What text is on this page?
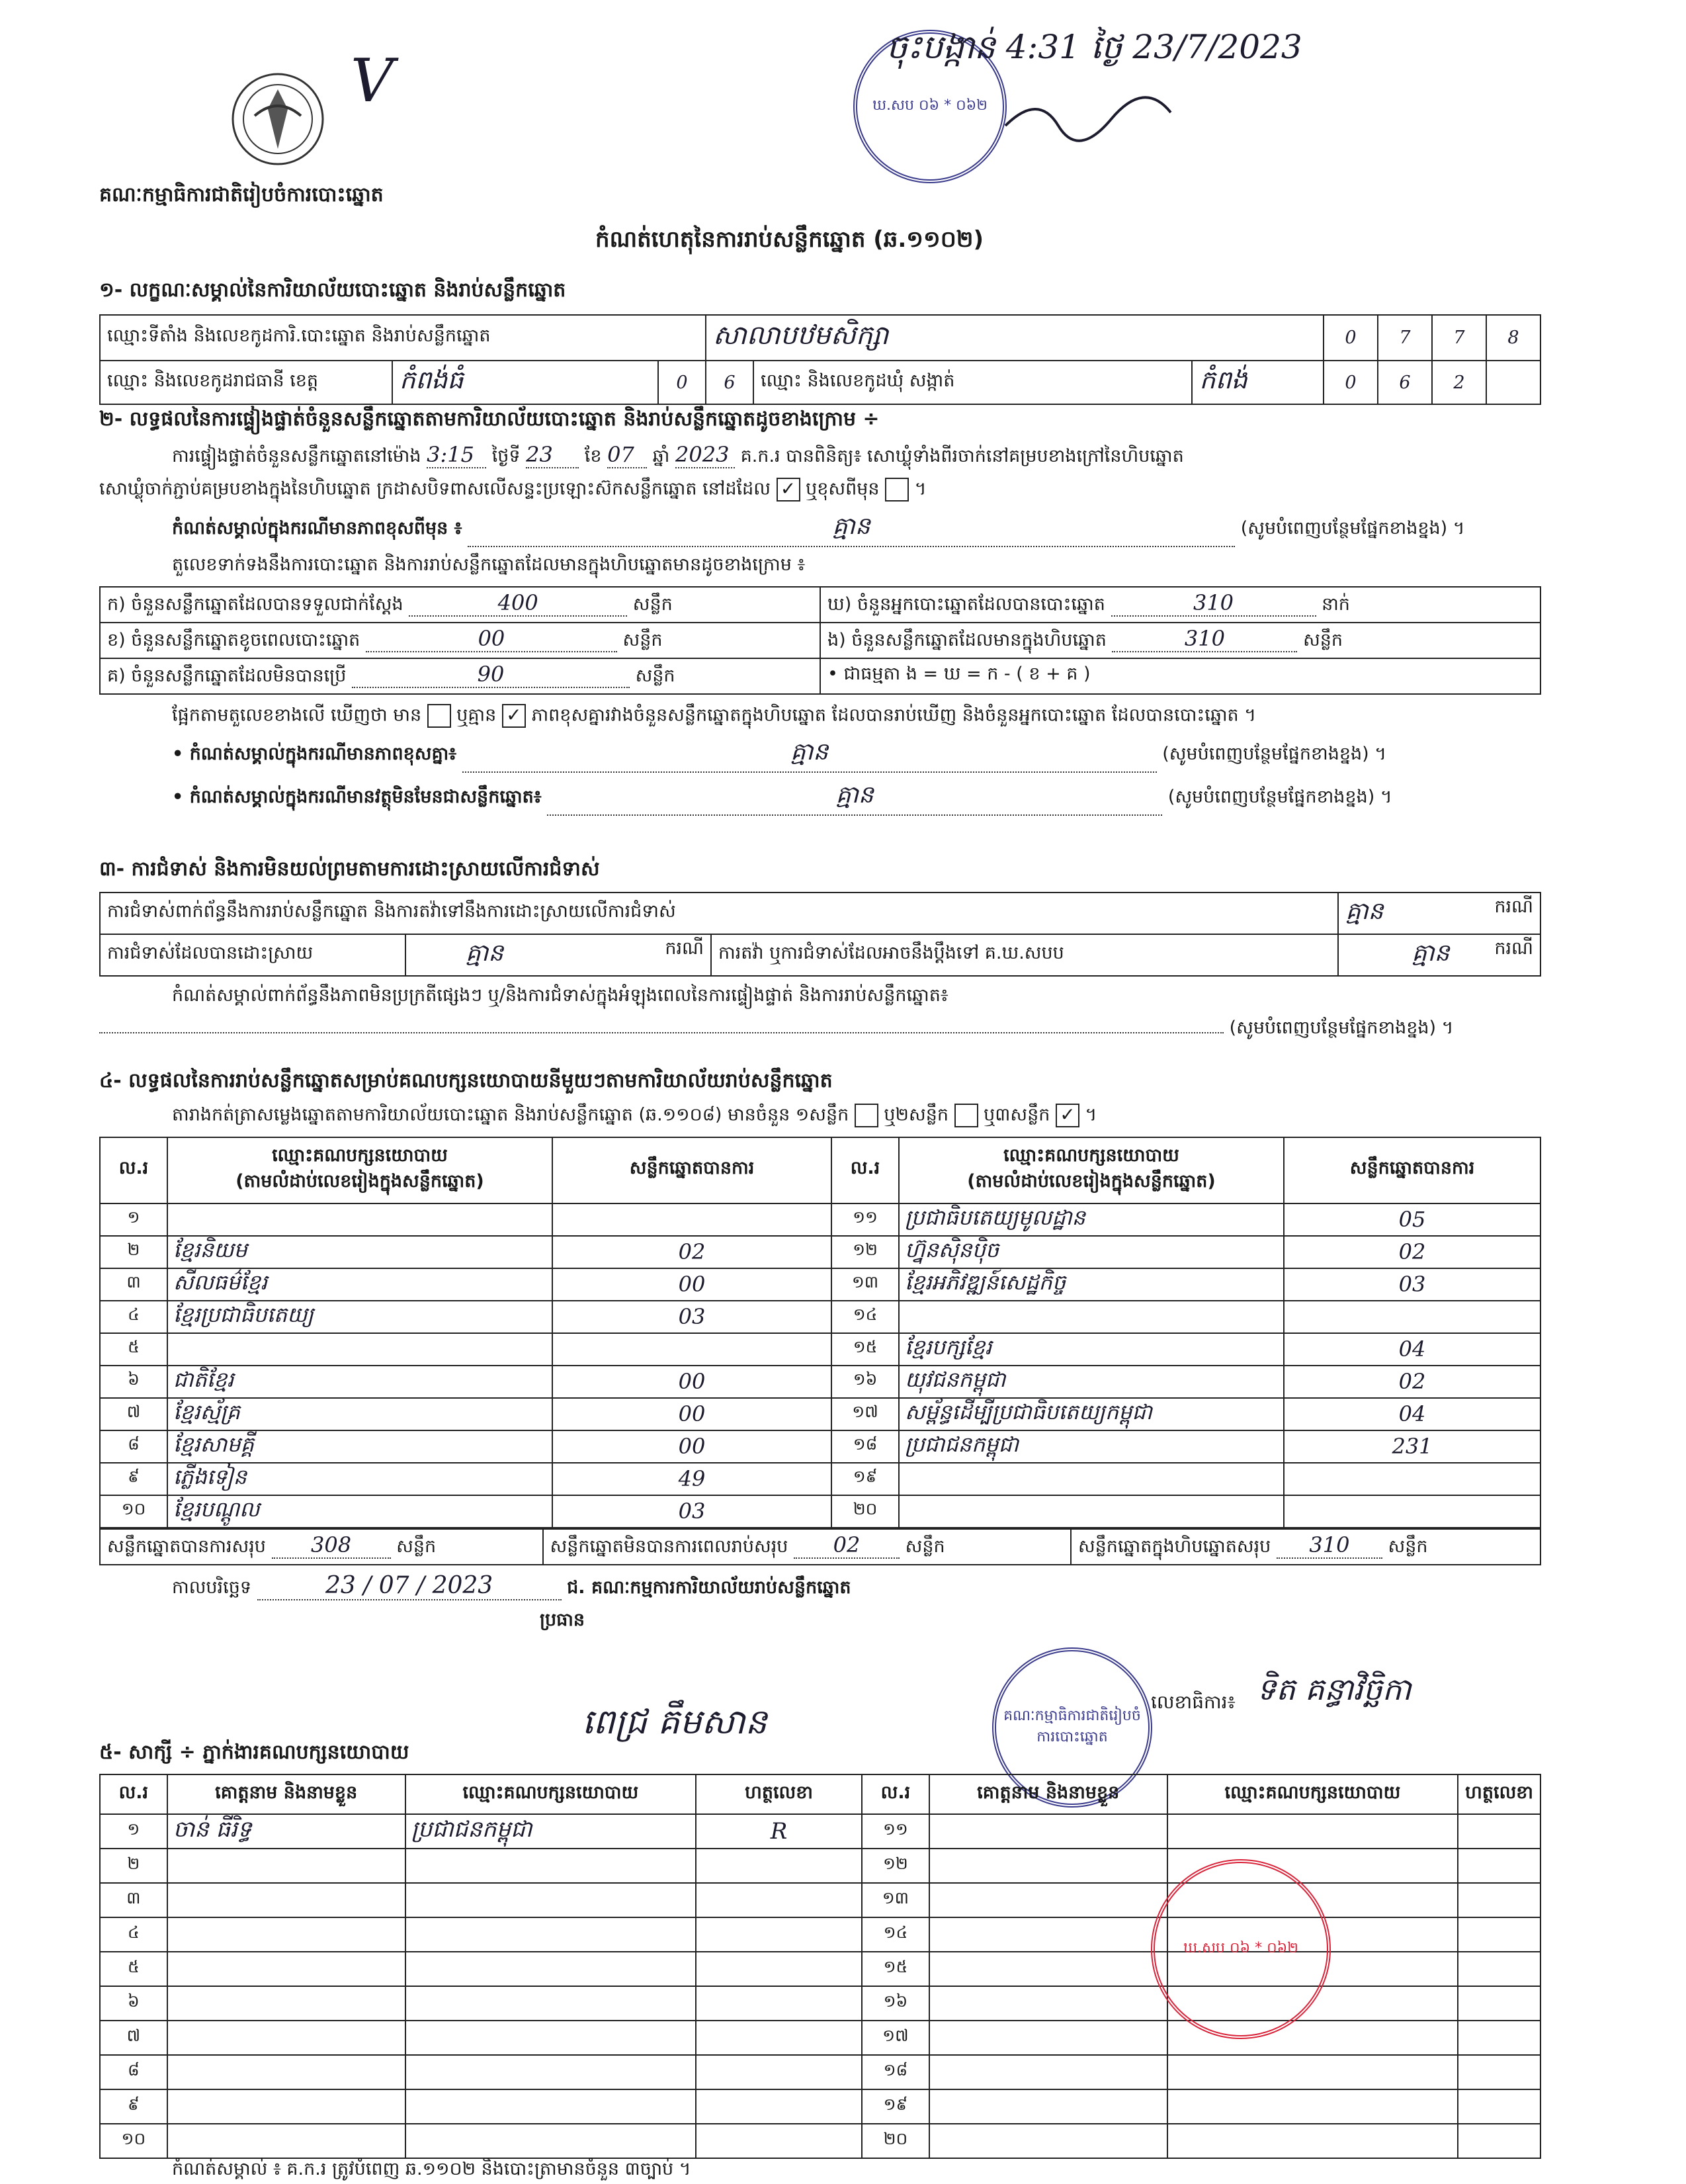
V	ឃ.សប ០៦ * ០៦២
ចុះបង្កាន់ 4:31 ថ្ងៃ 23/7/2023
គណៈកម្មាធិការជាតិរៀបចំការបោះឆ្នោត
កំណត់ហេតុនៃការរាប់សន្លឹកឆ្នោត (ឆ.១១០២)
១- លក្ខណៈសម្គាល់នៃការិយាល័យបោះឆ្នោត និងរាប់សន្លឹកឆ្នោត
ឈ្មោះទីតាំង និងលេខកូដការិ.បោះឆ្នោត និងរាប់សន្លឹកឆ្នោត			សាលាបឋមសិក្សា			0	7	7	8
ឈ្មោះ និងលេខកូដរាជធានី ខេត្ត	កំពង់ធំ	0	6	ឈ្មោះ និងលេខកូដឃុំ សង្កាត់	កំពង់	0	6	2	
២- លទ្ធផលនៃការផ្ទៀងផ្ទាត់ចំនួនសន្លឹកឆ្នោតតាមការិយាល័យបោះឆ្នោត និងរាប់សន្លឹកឆ្នោតដូចខាងក្រោម ÷
ការផ្ទៀងផ្ទាត់ចំនួនសន្លឹកឆ្នោតនៅម៉ោង 3:15 ថ្ងៃទី 23 ខែ 07 ឆ្នាំ 2023 គ.ក.រ បានពិនិត្យ៖ សោឃ្លុំទាំងពីរចាក់នៅគម្របខាងក្រៅនៃហិបឆ្នោត
សោឃ្លុំចាក់ភ្ជាប់គម្របខាងក្នុងនៃហិបឆ្នោត ក្រដាសបិទពាសលើសន្ទះប្រឡោះស៊កសន្លឹកឆ្នោត នៅដដែល ✓ ឬខុសពីមុន ។
កំណត់សម្គាល់ក្នុងករណីមានភាពខុសពីមុន ៖	គ្មាន	(សូមបំពេញបន្ថែមផ្នែកខាងខ្នង) ។
តួលេខទាក់ទងនឹងការបោះឆ្នោត និងការរាប់សន្លឹកឆ្នោតដែលមានក្នុងហិបឆ្នោតមានដូចខាងក្រោម ៖
ក) ចំនួនសន្លឹកឆ្នោតដែលបានទទួលជាក់ស្តែង 400 សន្លឹក	ឃ) ចំនួនអ្នកបោះឆ្នោតដែលបានបោះឆ្នោត 310 នាក់
ខ) ចំនួនសន្លឹកឆ្នោតខូចពេលបោះឆ្នោត 00 សន្លឹក	ង) ចំនួនសន្លឹកឆ្នោតដែលមានក្នុងហិបឆ្នោត 310 សន្លឹក
គ) ចំនួនសន្លឹកឆ្នោតដែលមិនបានប្រើ 90 សន្លឹក	• ជាធម្មតា ង = ឃ = ក - ( ខ + គ )
ផ្អែកតាមតួលេខខាងលើ ឃើញថា មាន ឬគ្មាន ✓ ភាពខុសគ្នារវាងចំនួនសន្លឹកឆ្នោតក្នុងហិបឆ្នោត ដែលបានរាប់ឃើញ និងចំនួនអ្នកបោះឆ្នោត ដែលបានបោះឆ្នោត ។
• កំណត់សម្គាល់ក្នុងករណីមានភាពខុសគ្នា៖	គ្មាន	(សូមបំពេញបន្ថែមផ្នែកខាងខ្នង) ។
• កំណត់សម្គាល់ក្នុងករណីមានវត្ថុមិនមែនជាសន្លឹកឆ្នោត៖	គ្មាន	(សូមបំពេញបន្ថែមផ្នែកខាងខ្នង) ។
៣- ការជំទាស់ និងការមិនយល់ព្រមតាមការដោះស្រាយលើការជំទាស់
ការជំទាស់ពាក់ព័ន្ធនឹងការរាប់សន្លឹកឆ្នោត និងការតវ៉ាទៅនឹងការដោះស្រាយលើការជំទាស់			គ្មាន ករណី

ការជំទាស់ដែលបានដោះស្រាយ	គ្មាន ករណី	ការតវ៉ា ឬការជំទាស់ដែលអាចនឹងប្តឹងទៅ គ.ឃ.សបប	គ្មាន ករណី
កំណត់សម្គាល់ពាក់ព័ន្ធនឹងភាពមិនប្រក្រតីផ្សេងៗ ឬ/និងការជំទាស់ក្នុងអំឡុងពេលនៃការផ្ទៀងផ្ទាត់ និងការរាប់សន្លឹកឆ្នោត៖
(សូមបំពេញបន្ថែមផ្នែកខាងខ្នង) ។
៤- លទ្ធផលនៃការរាប់សន្លឹកឆ្នោតសម្រាប់គណបក្សនយោបាយនីមួយៗតាមការិយាល័យរាប់សន្លឹកឆ្នោត
តារាងកត់ត្រាសម្លេងឆ្នោតតាមការិយាល័យបោះឆ្នោត និងរាប់សន្លឹកឆ្នោត (ឆ.១១០៨) មានចំនួន ១សន្លឹក ឬ២សន្លឹក ឬ៣សន្លឹក ✓ ។
ល.រ	ឈ្មោះគណបក្សនយោបាយ
(តាមលំដាប់លេខរៀងក្នុងសន្លឹកឆ្នោត)	សន្លឹកឆ្នោតបានការ	ល.រ	ឈ្មោះគណបក្សនយោបាយ
(តាមលំដាប់លេខរៀងក្នុងសន្លឹកឆ្នោត)	សន្លឹកឆ្នោតបានការ
១			១១	ប្រជាធិបតេយ្យមូលដ្ឋាន	05
២	ខ្មែរនិយម	02	១២	ហ្វ៊ុនស៊ិនប៉ិច	02
៣	សីលធម៌ខ្មែរ	00	១៣	ខ្មែរអភិវឌ្ឍន៍សេដ្ឋកិច្ច	03
៤	ខ្មែរប្រជាធិបតេយ្យ	03	១៤		
៥			១៥	ខ្មែរបក្សខ្មែរ	04
៦	ជាតិខ្មែរ	00	១៦	យុវជនកម្ពុជា	02
៧	ខ្មែរស្ម័គ្រ	00	១៧	សម្ព័ន្ធដើម្បីប្រជាធិបតេយ្យកម្ពុជា	04
៨	ខ្មែរសាមគ្គី	00	១៨	ប្រជាជនកម្ពុជា	231
៩	ភ្លើងទៀន	49	១៩		
១០	ខ្មែរបណ្តូល	03	២០		
សន្លឹកឆ្នោតបានការសរុប 308	សន្លឹក	សន្លឹកឆ្នោតមិនបានការពេលរាប់សរុប 02	សន្លឹក	សន្លឹកឆ្នោតក្នុងហិបឆ្នោតសរុប 310 សន្លឹក
កាលបរិច្ឆេទ	23 / 07 / 2023	ជ. គណៈកម្មការការិយាល័យរាប់សន្លឹកឆ្នោត
ប្រធាន
ពេជ្រ គឹមសាន	គណៈកម្មាធិការជាតិរៀបចំការបោះឆ្នោត
លេខាធិការ៖ ទិត គន្ធាវិច្ឆិកា
៥- សាក្សី ÷ ភ្នាក់ងារគណបក្សនយោបាយ
ល.រ	គោត្តនាម និងនាមខ្លួន	ឈ្មោះគណបក្សនយោបាយ	ហត្ថលេខា	ល.រ	គោត្តនាម និងនាមខ្លួន	ឈ្មោះគណបក្សនយោបាយ	ហត្ថលេខា
១	ចាន់ ធីរិទ្ធ	ប្រជាជនកម្ពុជា	R	១១			
២				១២			
៣				១៣			
៤				១៤			
៥				១៥			
៦				១៦			
៧				១៧			
៨				១៨			
៩				១៩			
១០				២០			
ឃ.សប ០៦ * ០៦២
កំណត់សម្គាល់ ៖ គ.ក.រ ត្រូវបំពេញ ឆ.១១០២ និងបោះត្រាមានចំនួន ៣ច្បាប់ ។
